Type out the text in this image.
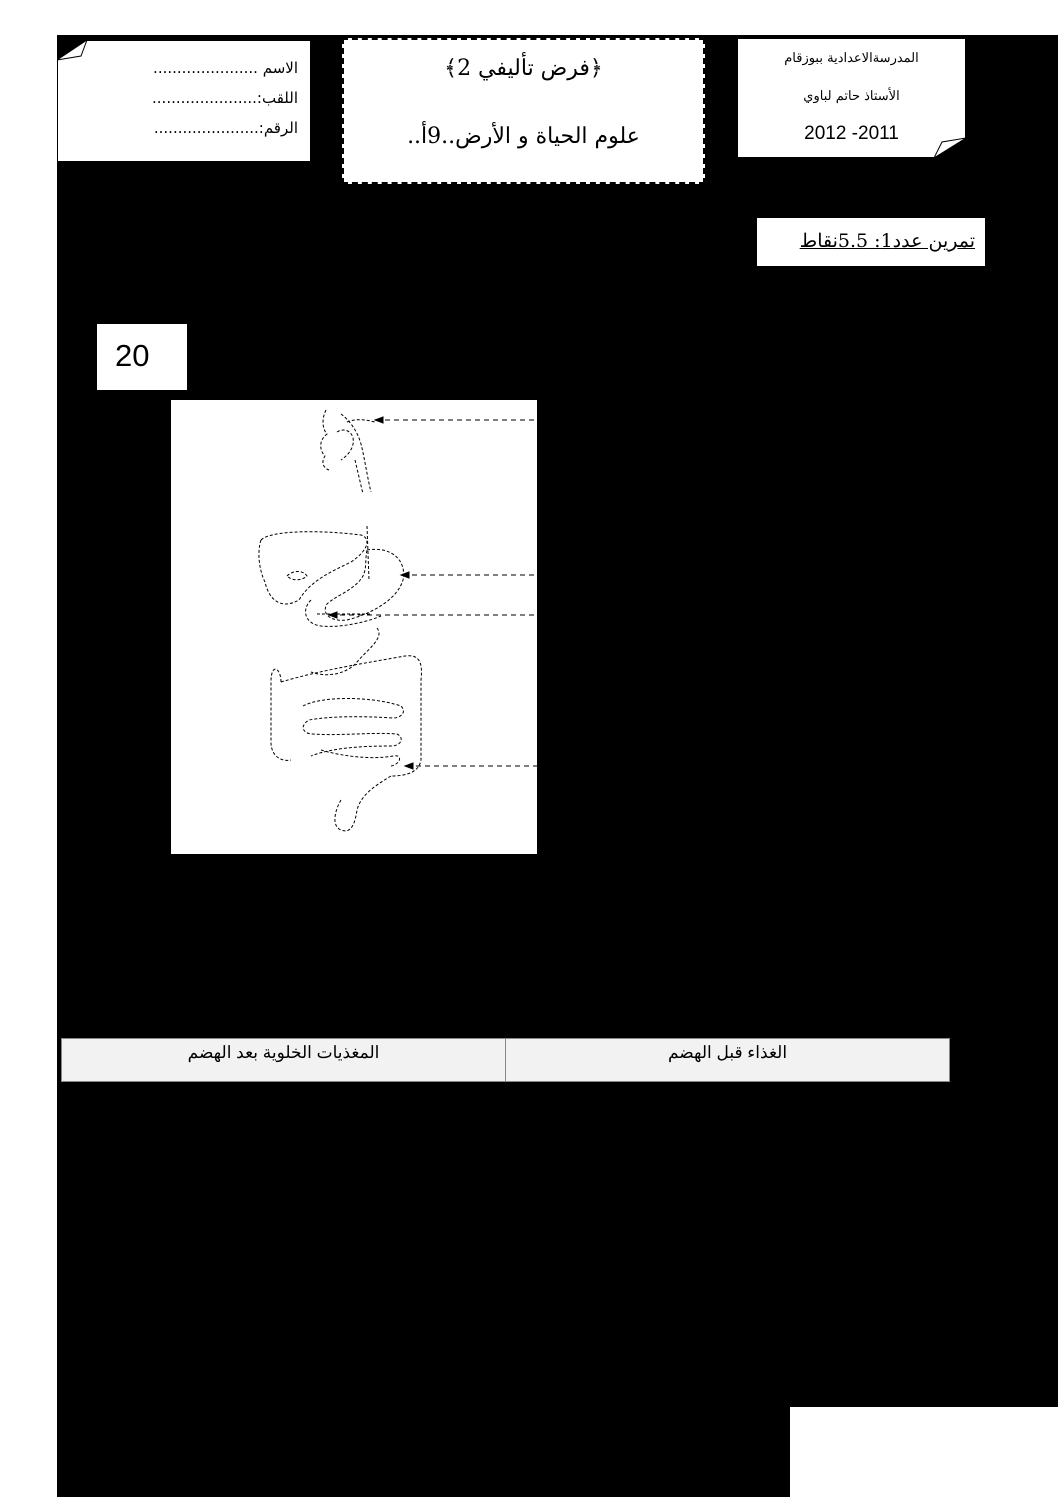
الاسم ......................
اللقب:......................
الرقم:......................
﴿فرض تأليفي 2﴾
علوم الحياة و الأرض..9أ..
المدرسةالاعدادية ببوزقام
الأستاذ حاتم لباوي
2012 -2011
تمرين عدد1: 5.5نقاط
20
المغذيات الخلوية بعد الهضم	الغذاء قبل الهضم
